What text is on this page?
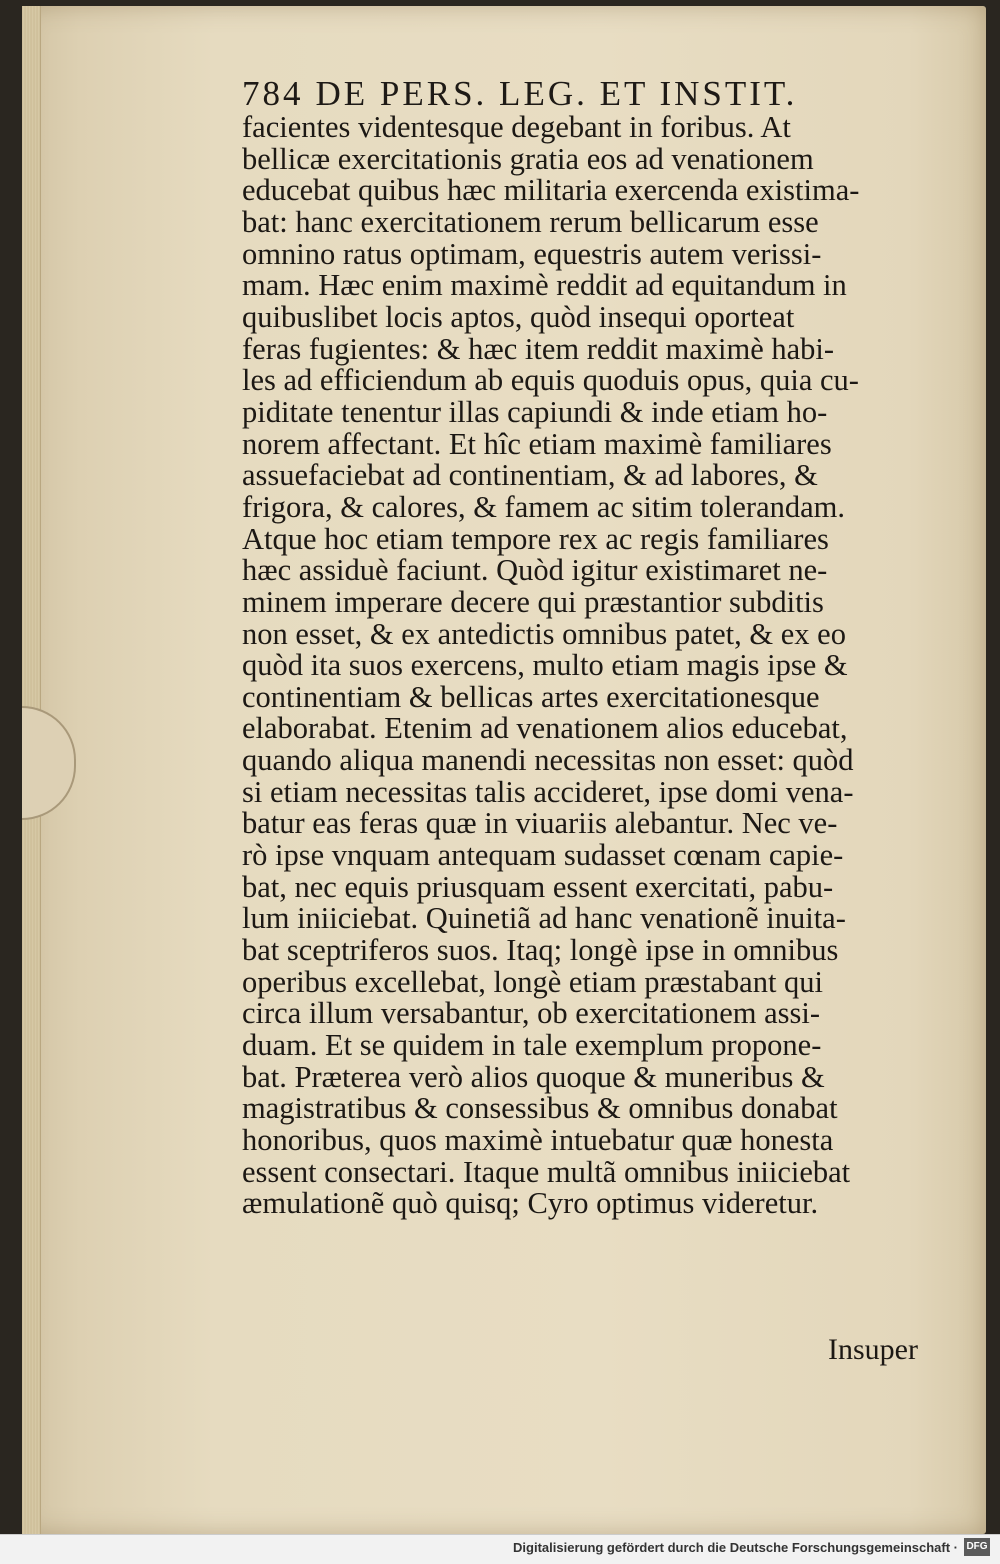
784 DE PERS. LEG. ET INSTIT.
facientes videntesque degebant in foribus. At
bellicæ exercitationis gratia eos ad venationem
educebat quibus hæc militaria exercenda existima-
bat: hanc exercitationem rerum bellicarum esse
omnino ratus optimam, equestris autem verissi-
mam. Hæc enim maximè reddit ad equitandum in
quibuslibet locis aptos, quòd insequi oporteat
feras fugientes: & hæc item reddit maximè habi-
les ad efficiendum ab equis quoduis opus, quia cu-
piditate tenentur illas capiundi & inde etiam ho-
norem affectant. Et hîc etiam maximè familiares
assuefaciebat ad continentiam, & ad labores, &
frigora, & calores, & famem ac sitim tolerandam.
Atque hoc etiam tempore rex ac regis familiares
hæc assiduè faciunt. Quòd igitur existimaret ne-
minem imperare decere qui præstantior subditis
non esset, & ex antedictis omnibus patet, & ex eo
quòd ita suos exercens, multo etiam magis ipse &
continentiam & bellicas artes exercitationesque
elaborabat. Etenim ad venationem alios educebat,
quando aliqua manendi necessitas non esset: quòd
si etiam necessitas talis accideret, ipse domi vena-
batur eas feras quæ in viuariis alebantur. Nec ve-
rò ipse vnquam antequam sudasset cœnam capie-
bat, nec equis priusquam essent exercitati, pabu-
lum iniiciebat. Quinetiã ad hanc venationẽ inuita-
bat sceptriferos suos. Itaq; longè ipse in omnibus
operibus excellebat, longè etiam præstabant qui
circa illum versabantur, ob exercitationem assi-
duam. Et se quidem in tale exemplum propone-
bat. Præterea verò alios quoque & muneribus &
magistratibus & consessibus & omnibus donabat
honoribus, quos maximè intuebatur quæ honesta
essent consectari. Itaque multã omnibus iniiciebat
æmulationẽ quò quisq; Cyro optimus videretur.
Insuper
Digitalisierung gefördert durch die Deutsche Forschungsgemeinschaft · DFG
